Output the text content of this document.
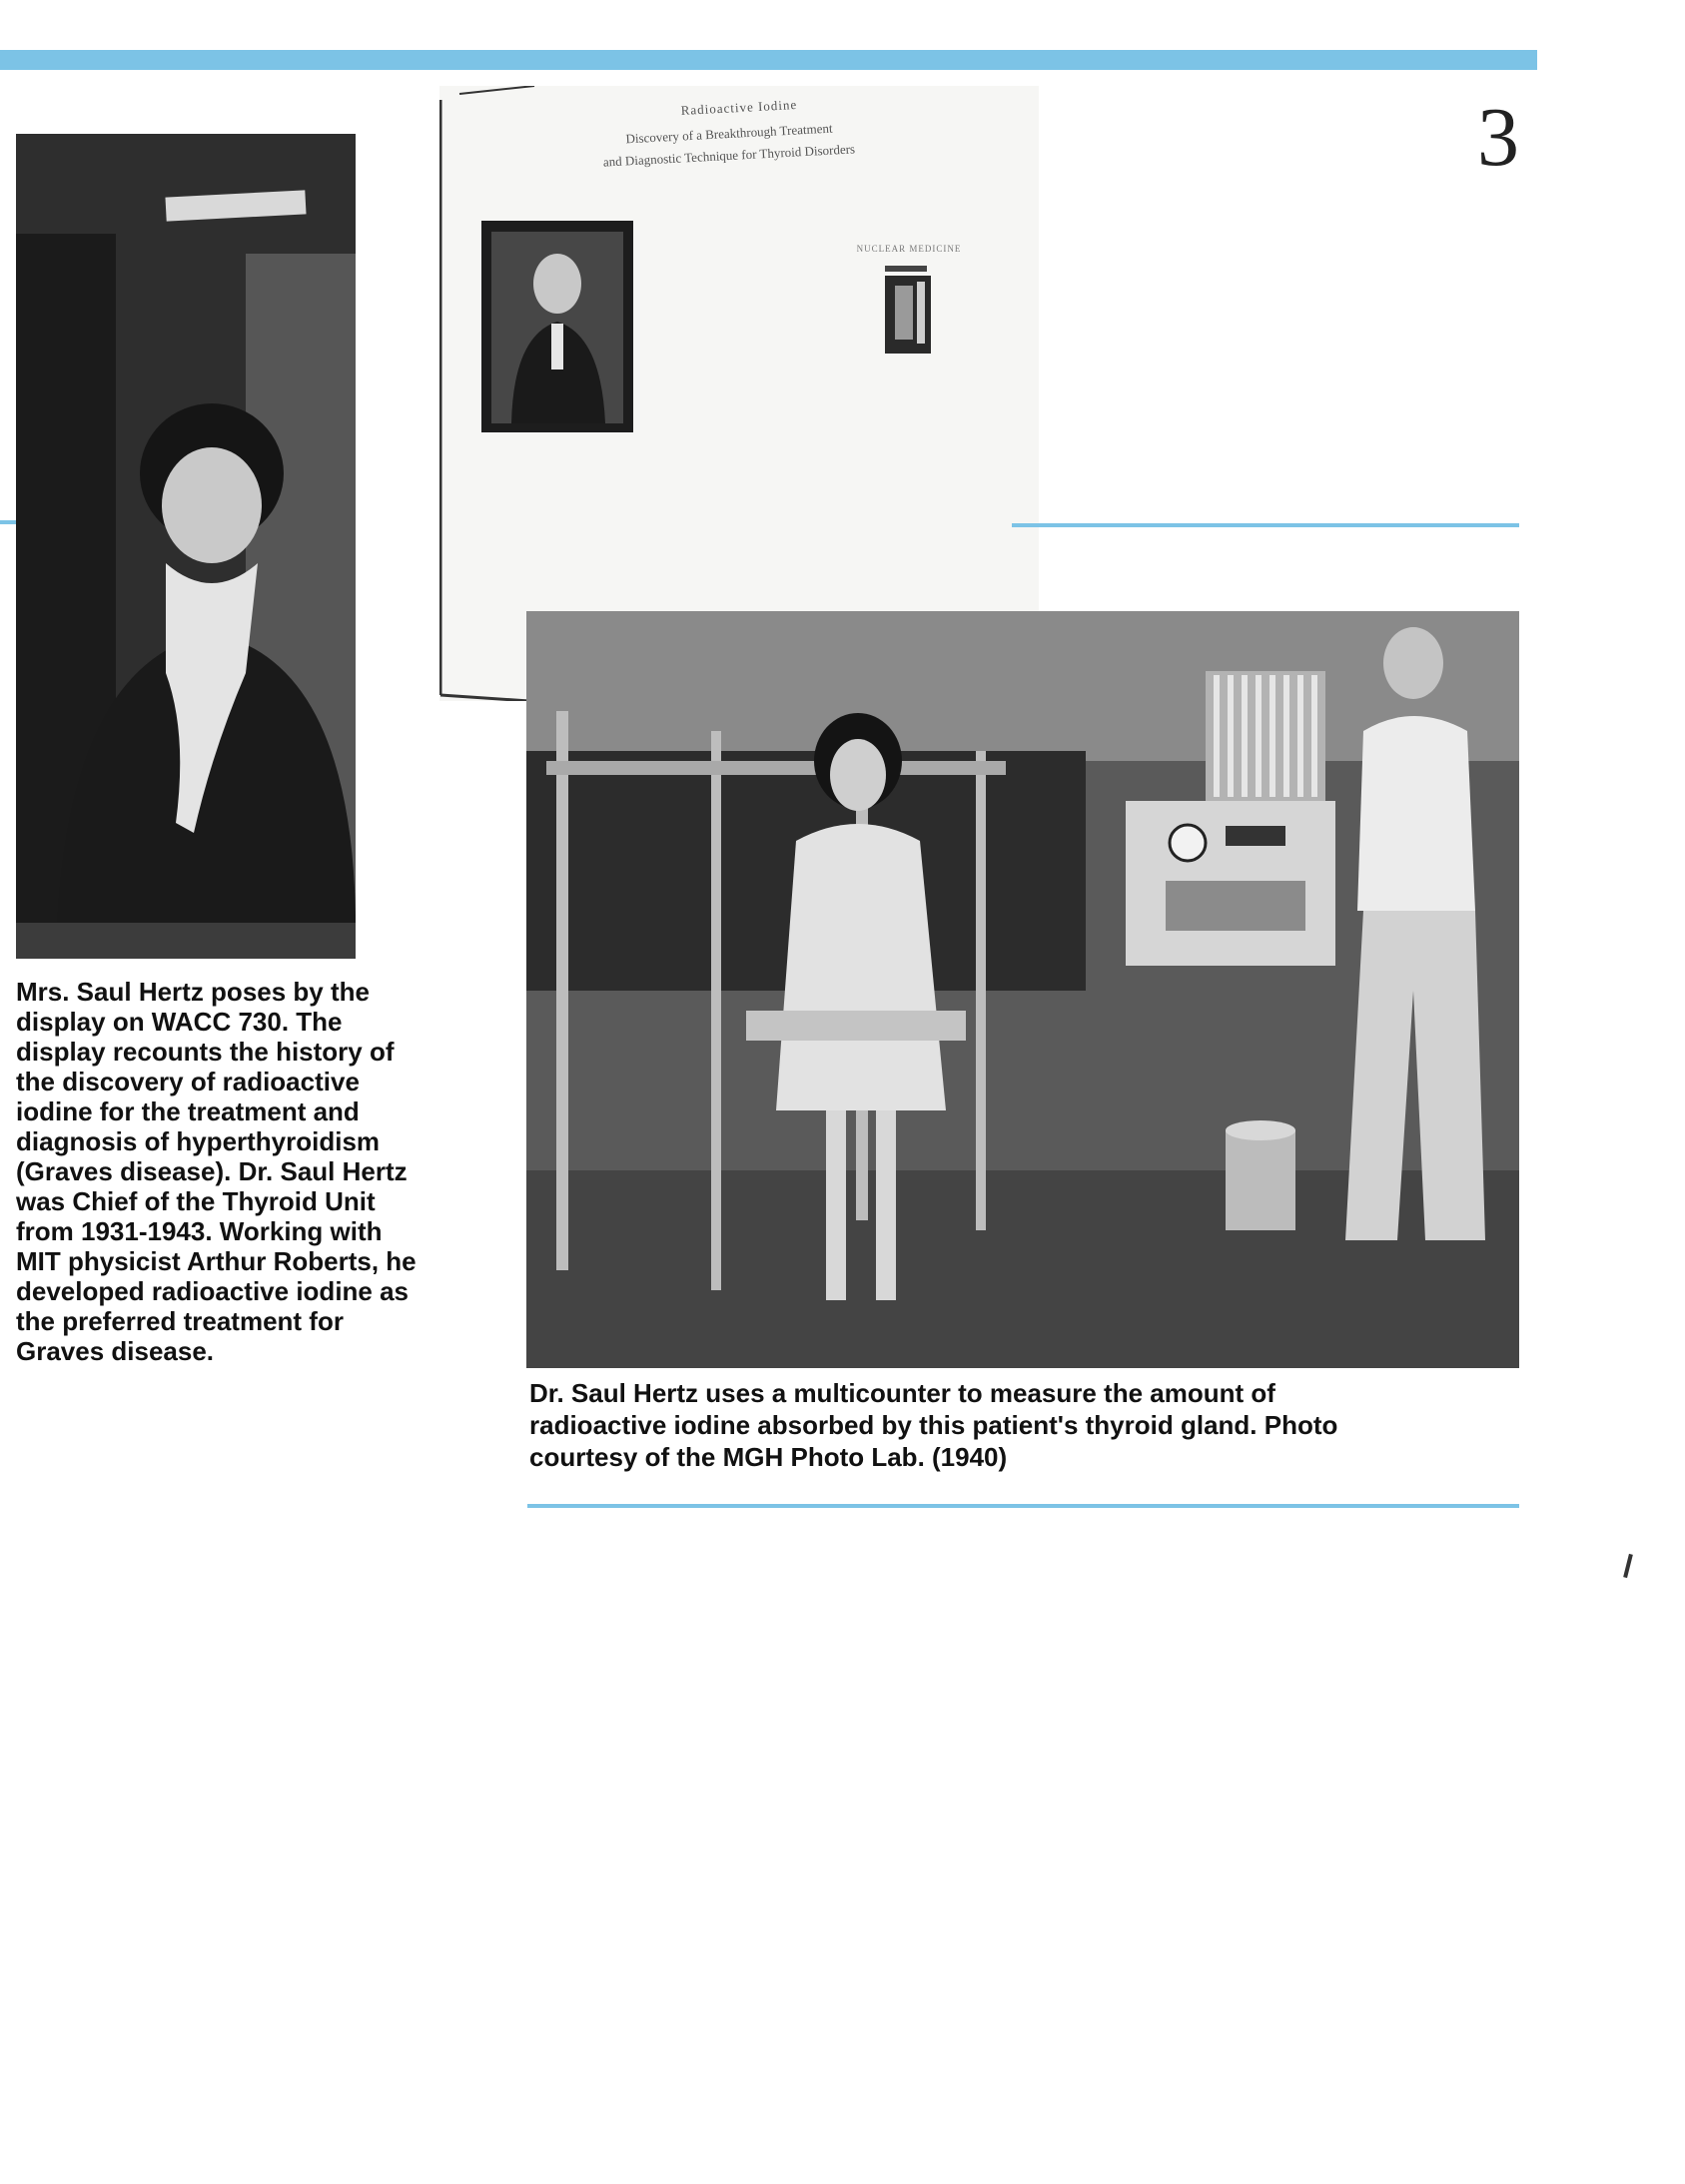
3
Radioactive Iodine
Discovery of a Breakthrough Treatment
and Diagnostic Technique for Thyroid Disorders
NUCLEAR MEDICINE

Mrs. Saul Hertz poses by the
display on WACC 730. The
display recounts the history of
the discovery of radioactive
iodine for the treatment and
diagnosis of hyperthyroidism
(Graves disease). Dr. Saul Hertz
was Chief of the Thyroid Unit
from 1931-1943. Working with
MIT physicist Arthur Roberts, he
developed radioactive iodine as
the preferred treatment for
Graves disease.

Dr. Saul Hertz uses a multicounter to measure the amount of
radioactive iodine absorbed by this patient's thyroid gland. Photo
courtesy of the MGH Photo Lab. (1940)
